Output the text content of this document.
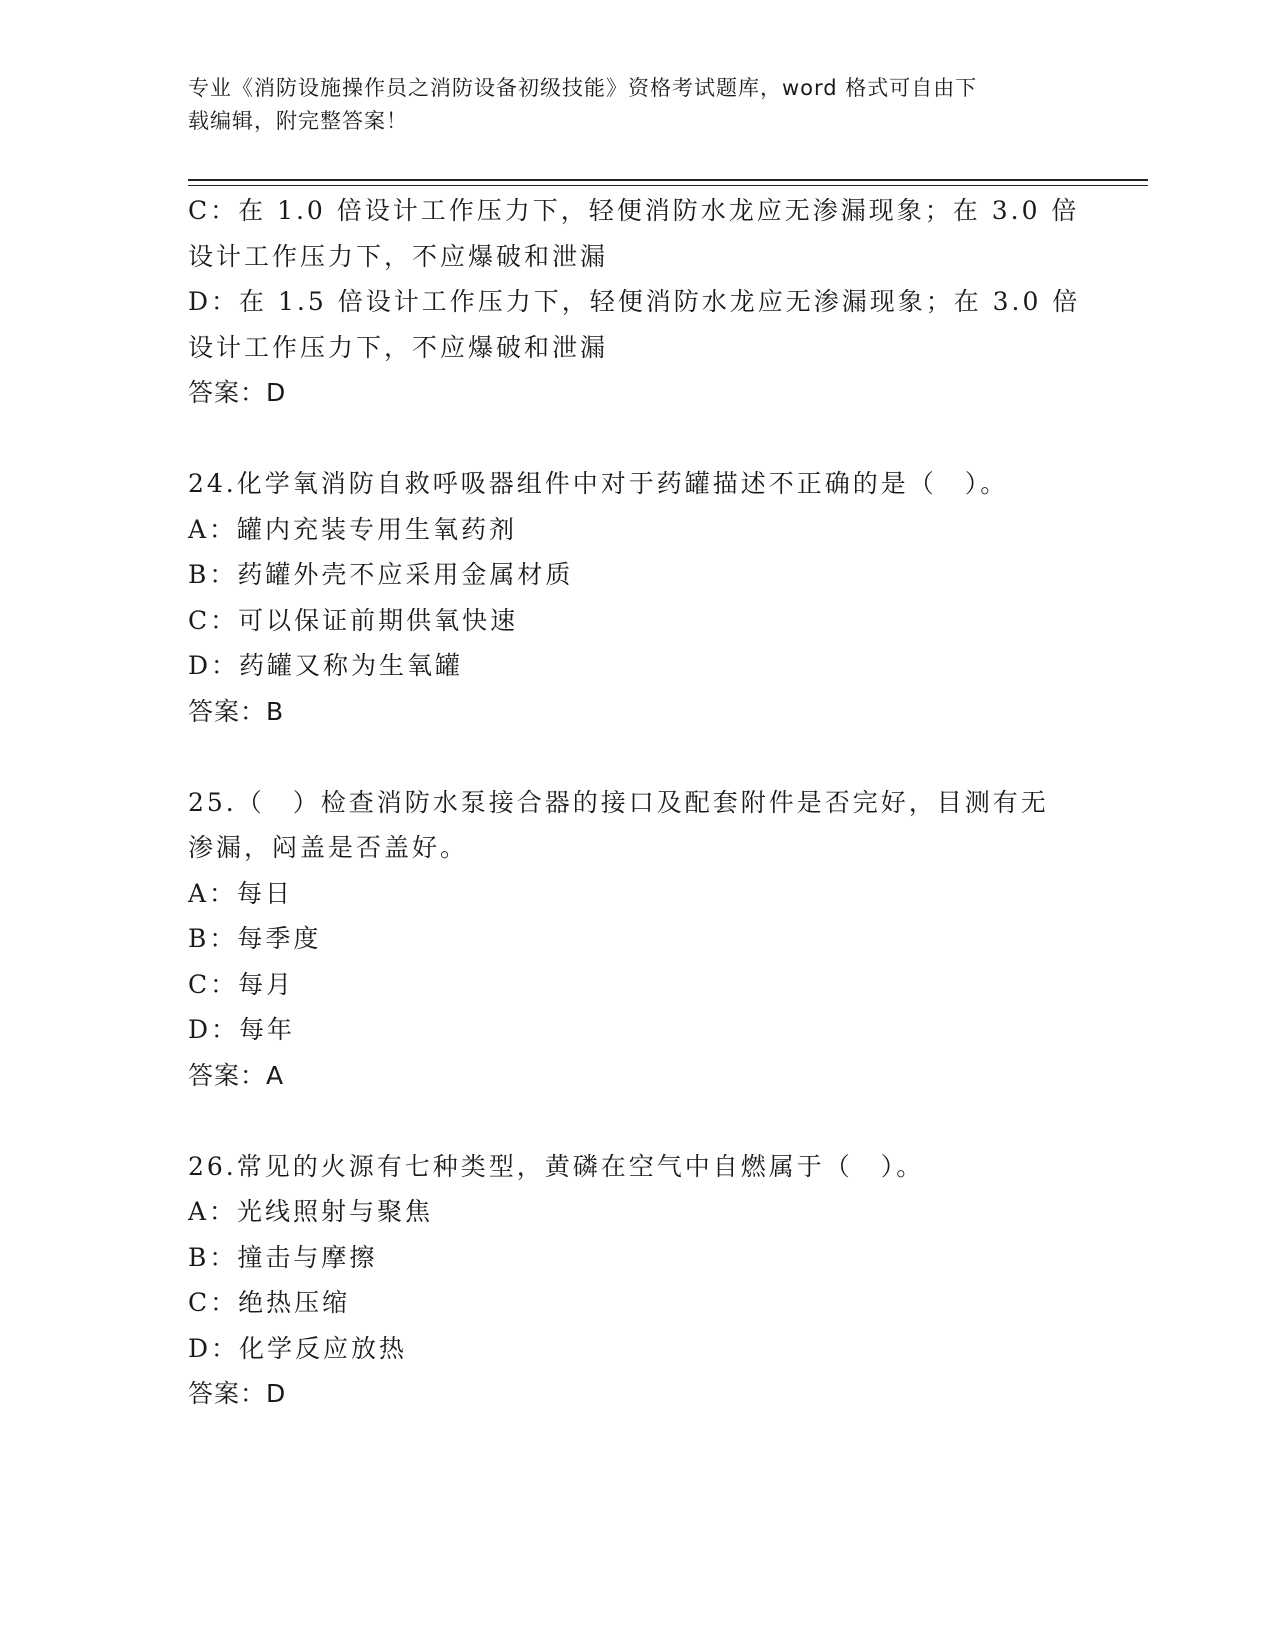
专业《消防设施操作员之消防设备初级技能》资格考试题库，word 格式可自由下
载编辑，附完整答案！
C：在 1.0 倍设计工作压力下，轻便消防水龙应无渗漏现象；在 3.0 倍
设计工作压力下，不应爆破和泄漏
D：在 1.5 倍设计工作压力下，轻便消防水龙应无渗漏现象；在 3.0 倍
设计工作压力下，不应爆破和泄漏
答案：D
24.化学氧消防自救呼吸器组件中对于药罐描述不正确的是（　）。
A：罐内充装专用生氧药剂
B：药罐外壳不应采用金属材质
C：可以保证前期供氧快速
D：药罐又称为生氧罐
答案：B
25.（　）检查消防水泵接合器的接口及配套附件是否完好，目测有无
渗漏，闷盖是否盖好。
A：每日
B：每季度
C：每月
D：每年
答案：A
26.常见的火源有七种类型，黄磷在空气中自燃属于（　）。
A：光线照射与聚焦
B：撞击与摩擦
C：绝热压缩
D：化学反应放热
答案：D
